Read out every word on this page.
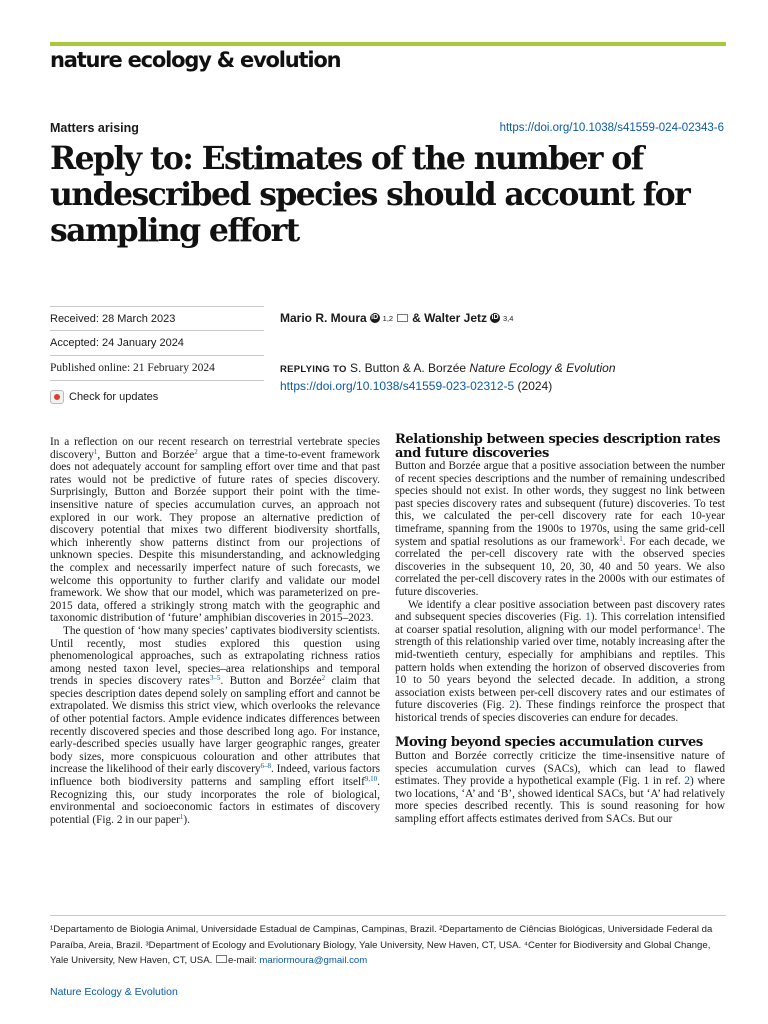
nature ecology & evolution
Matters arising	https://doi.org/10.1038/s41559-024-02343-6
Reply to: Estimates of the number of undescribed species should account for sampling effort
Received: 28 March 2023
Accepted: 24 January 2024
Published online: 21 February 2024
Check for updates
Mario R. Moura iD 1,2 & Walter Jetz iD 3,4
REPLYING TO S. Button & A. Borzée Nature Ecology & Evolution
https://doi.org/10.1038/s41559-023-02312-5 (2024)

In a reflection on our recent research on terrestrial vertebrate species discovery$^1$, Button and Borzée$^2$ argue that a time-to-event framework does not adequately account for sampling effort over time and that past rates would not be predictive of future rates of species discovery. Surprisingly, Button and Borzée support their point with the time-insensitive nature of species accumulation curves, an approach not explored in our work. They propose an alternative prediction of discovery potential that mixes two different biodiversity shortfalls, which inherently show patterns distinct from our projections of unknown species. Despite this misunderstanding, and acknowledging the complex and necessarily imperfect nature of such forecasts, we welcome this opportunity to further clarify and validate our model framework. We show that our model, which was parameterized on pre-2015 data, offered a strikingly strong match with the geographic and taxonomic distribution of ‘future’ amphibian discoveries in 2015–2023.

The question of ‘how many species’ captivates biodiversity scientists. Until recently, most studies explored this question using phenomenological approaches, such as extrapolating richness ratios among nested taxon level, species–area relationships and temporal trends in species discovery rates$^{3-5}$. Button and Borzée$^2$ claim that species description dates depend solely on sampling effort and cannot be extrapolated. We dismiss this strict view, which overlooks the relevance of other potential factors. Ample evidence indicates differences between recently discovered species and those described long ago. For instance, early-described species usually have larger geographic ranges, greater body sizes, more conspicuous colouration and other attributes that increase the likelihood of their early discovery$^{6-8}$. Indeed, various factors influence both biodiversity patterns and sampling effort itself$^{9,10}$. Recognizing this, our study incorporates the role of biological, environmental and socioeconomic factors in estimates of discovery potential (Fig. 2 in our paper$^1$).

Relationship between species description rates and future discoveries

Button and Borzée argue that a positive association between the number of recent species descriptions and the number of remaining undescribed species should not exist. In other words, they suggest no link between past species discovery rates and subsequent (future) discoveries. To test this, we calculated the per-cell discovery rate for each 10-year timeframe, spanning from the 1900s to 1970s, using the same grid-cell system and spatial resolutions as our framework$^1$. For each decade, we correlated the per-cell discovery rate with the observed species discoveries in the subsequent 10, 20, 30, 40 and 50 years. We also correlated the per-cell discovery rates in the 2000s with our estimates of future discoveries.

We identify a clear positive association between past discovery rates and subsequent species discoveries (Fig. 1). This correlation intensified at coarser spatial resolution, aligning with our model performance$^1$. The strength of this relationship varied over time, notably increasing after the mid-twentieth century, especially for amphibians and reptiles. This pattern holds when extending the horizon of observed discoveries from 10 to 50 years beyond the selected decade. In addition, a strong association exists between per-cell discovery rates and our estimates of future discoveries (Fig. 2). These findings reinforce the prospect that historical trends of species discoveries can endure for decades.

Moving beyond species accumulation curves

Button and Borzée correctly criticize the time-insensitive nature of species accumulation curves (SACs), which can lead to flawed estimates. They provide a hypothetical example (Fig. 1 in ref. 2) where two locations, ‘A’ and ‘B’, showed identical SACs, but ‘A’ had relatively more species described recently. This is sound reasoning for how sampling effort affects estimates derived from SACs. But our

¹Departamento de Biologia Animal, Universidade Estadual de Campinas, Campinas, Brazil. ²Departamento de Ciências Biológicas, Universidade Federal da Paraíba, Areia, Brazil. ³Department of Ecology and Evolutionary Biology, Yale University, New Haven, CT, USA. ⁴Center for Biodiversity and Global Change, Yale University, New Haven, CT, USA. e-mail: mariormoura@gmail.com
Nature Ecology & Evolution
